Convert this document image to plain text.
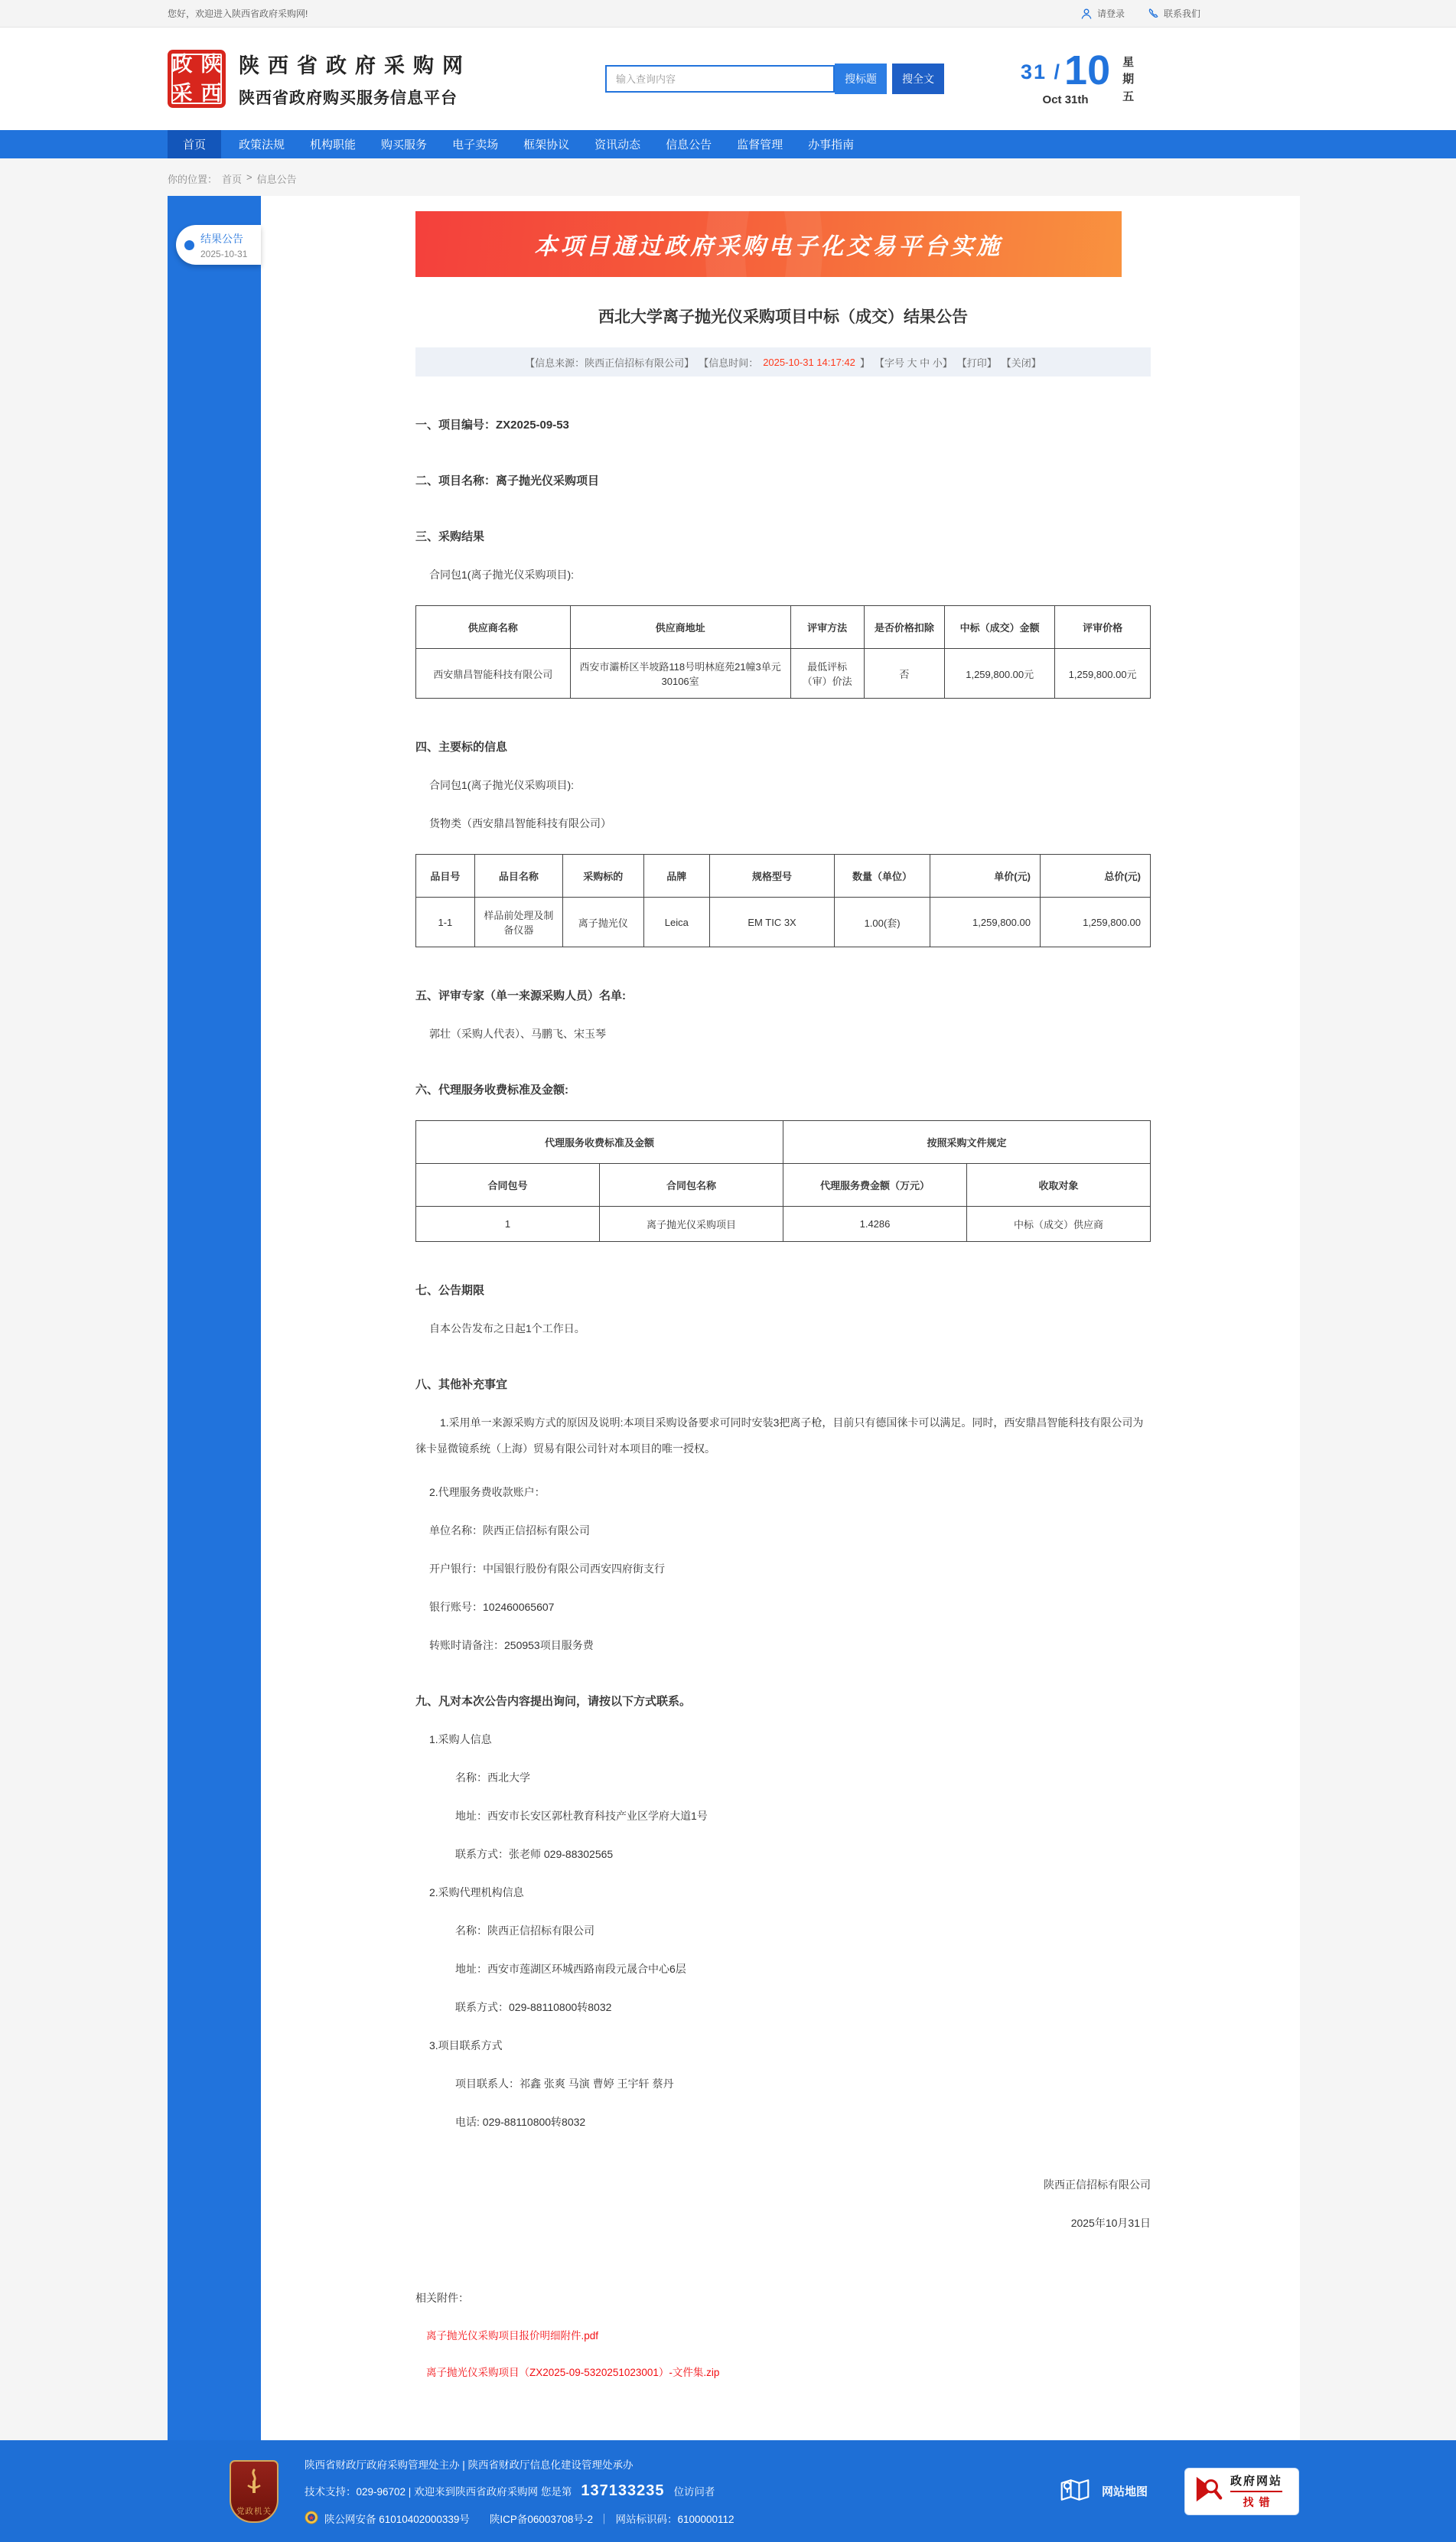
您好，欢迎进入陕西省政府采购网!	请登录	联系我们
政 陕
采 西
陕西省政府采购网
陕西省政府购买服务信息平台
输入查询内容
搜标题	搜全文	31 / 10
Oct 31th
星期五
首页	政策法规	机构职能	购买服务	电子卖场	框架协议	资讯动态	信息公告	监督管理	办事指南
你的位置： 首页 > 信息公告
结果公告
2025-10-31	本项目通过政府采购电子化交易平台实施
西北大学离子抛光仪采购项目中标（成交）结果公告
【信息来源：陕西正信招标有限公司】 【信息时间： 2025-10-31 14:17:42 】 【字号 大 中 小】 【打印】 【关闭】
一、项目编号：ZX2025-09-53
二、项目名称：离子抛光仪采购项目
三、采购结果
合同包1(离子抛光仪采购项目):
供应商名称	供应商地址	评审方法	是否价格扣除	中标（成交）金额	评审价格
西安鼎昌智能科技有限公司	西安市灞桥区半坡路118号明林庭苑21幢3单元30106室	最低评标（审）价法	否	1,259,800.00元	1,259,800.00元
四、主要标的信息
合同包1(离子抛光仪采购项目):
货物类（西安鼎昌智能科技有限公司）
品目号	品目名称	采购标的	品牌	规格型号	数量（单位）	单价(元)	总价(元)
1-1	样品前处理及制备仪器	离子抛光仪	Leica	EM TIC 3X	1.00(套)	1,259,800.00	1,259,800.00
五、评审专家（单一来源采购人员）名单:
郭壮（采购人代表）、马鹏飞、宋玉琴
六、代理服务收费标准及金额:
代理服务收费标准及金额		按照采购文件规定	
合同包号	合同包名称	代理服务费金额（万元）	收取对象
1	离子抛光仪采购项目	1.4286	中标（成交）供应商
七、公告期限
自本公告发布之日起1个工作日。
八、其他补充事宜
1.采用单一来源采购方式的原因及说明:本项目采购设备要求可同时安装3把离子枪，目前只有德国徕卡可以满足。同时，西安鼎昌智能科技有限公司为徕卡显微镜系统（上海）贸易有限公司针对本项目的唯一授权。
2.代理服务费收款账户：
单位名称：陕西正信招标有限公司
开户银行：中国银行股份有限公司西安四府街支行
银行账号：102460065607
转账时请备注：250953项目服务费
九、凡对本次公告内容提出询问，请按以下方式联系。
1.采购人信息
名称：西北大学
地址：西安市长安区郭杜教育科技产业区学府大道1号
联系方式：张老师 029-88302565
2.采购代理机构信息
名称：陕西正信招标有限公司
地址：西安市莲湖区环城西路南段元晟合中心6层
联系方式：029-88110800转8032
3.项目联系方式
项目联系人：祁鑫 张爽 马演 曹婷 王宇轩 蔡丹
电话: 029-88110800转8032
陕西正信招标有限公司
2025年10月31日
相关附件：
离子抛光仪采购项目报价明细附件.pdf
离子抛光仪采购项目（ZX2025-09-5320251023001）-文件集.zip
党政机关
陕西省财政厅政府采购管理处主办 | 陕西省财政厅信息化建设管理处承办
技术支持：029-96702 | 欢迎来到陕西省政府采购网 您是第 137133235 位访问者
陕公网安备 61010402000339号 陕ICP备06003708号-2 ｜ 网站标识码：6100000112
网站地图
政府网站
找错
